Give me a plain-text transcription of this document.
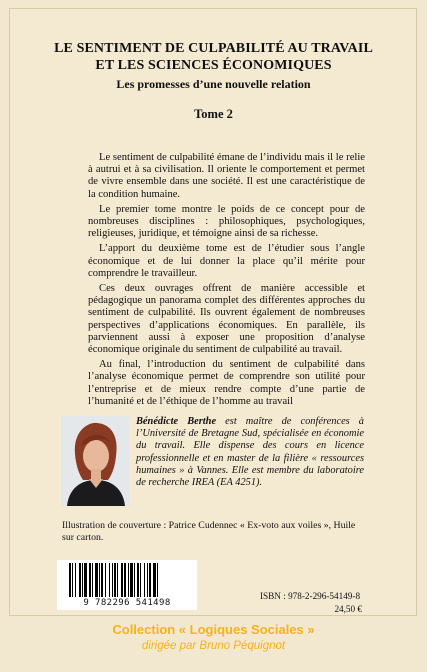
LE SENTIMENT DE CULPABILITÉ AU TRAVAIL
ET LES SCIENCES ÉCONOMIQUES
Les promesses d’une nouvelle relation
Tome 2

Le sentiment de culpabilité émane de l’individu mais il le relie à autrui et à sa civilisation. Il oriente le comportement et permet de vivre ensemble dans une société. Il est une caractéristique de la condition humaine.

Le premier tome montre le poids de ce concept pour de nombreuses disciplines : philosophiques, psychologiques, religieuses, juridique, et témoigne ainsi de sa richesse.

L’apport du deuxième tome est de l’étudier sous l’angle économique et de lui donner la place qu’il mérite pour comprendre le travailleur.

Ces deux ouvrages offrent de manière accessible et pédagogique un panorama complet des différentes approches du sentiment de culpabilité. Ils ouvrent également de nombreuses perspectives d’applications économiques. En parallèle, ils parviennent aussi à exposer une proposition d’analyse économique originale du sentiment de culpabilité au travail.

Au final, l’introduction du sentiment de culpabilité dans l’analyse économique permet de comprendre son utilité pour l’entreprise et de mieux rendre compte d’une partie de l’humanité et de l’éthique de l’homme au travail

Bénédicte Berthe est maître de conférences à l’Université de Bretagne Sud, spécialisée en économie du travail. Elle dispense des cours en licence professionnelle et en master de la filière « ressources humaines » à Vannes. Elle est membre du laboratoire de recherche IREA (EA 4251).
Illustration de couverture : Patrice Cudennec « Ex-voto aux voiles », Huile sur carton.
9 782296 541498
ISBN : 978-2-296-54149-8
24,50 €
Collection « Logiques Sociales »
dirigée par Bruno Péquignot
